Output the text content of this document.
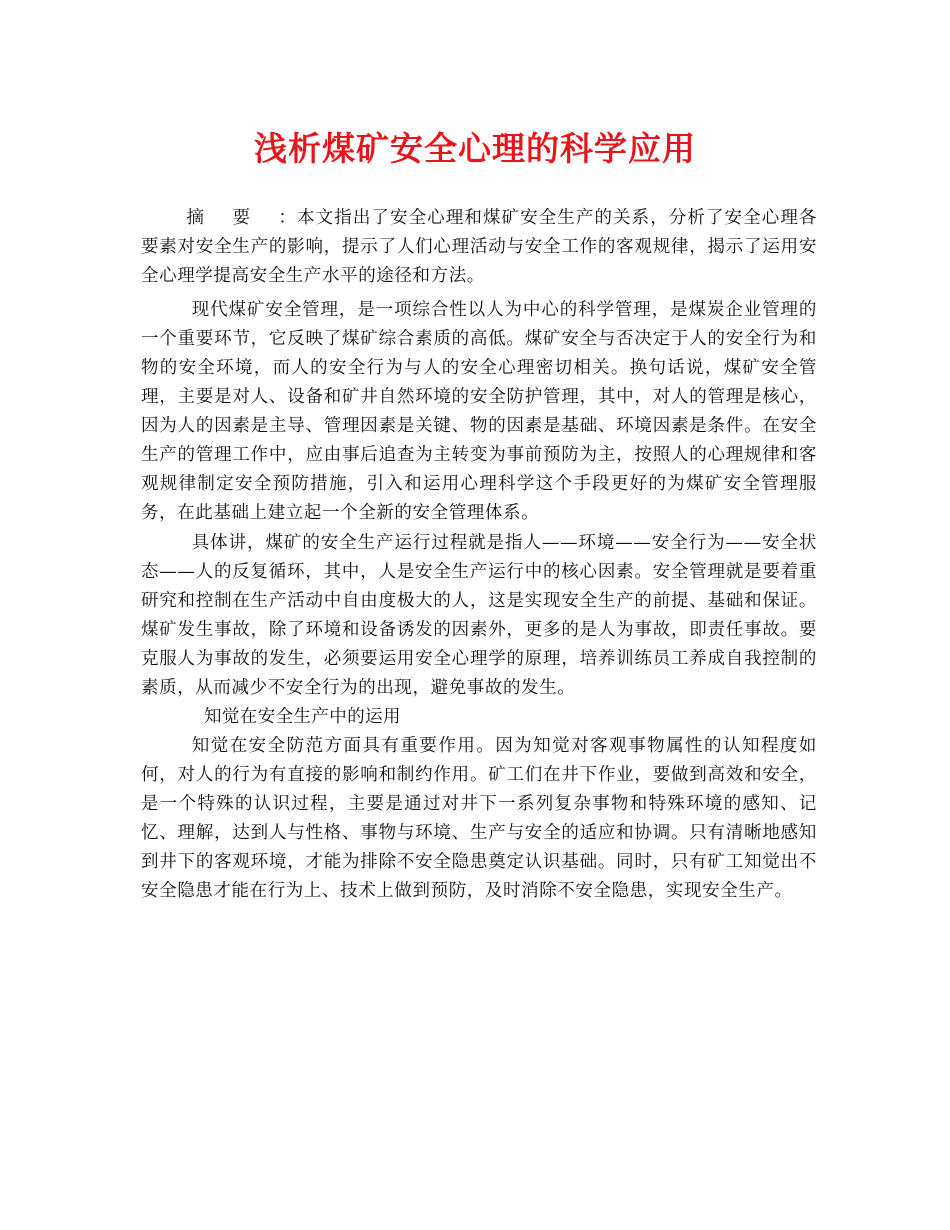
浅析煤矿安全心理的科学应用

摘要：本文指出了安全心理和煤矿安全生产的关系，分析了安全心理各要素对安全生产的影响，提示了人们心理活动与安全工作的客观规律，揭示了运用安全心理学提高安全生产水平的途径和方法。

现代煤矿安全管理，是一项综合性以人为中心的科学管理，是煤炭企业管理的一个重要环节，它反映了煤矿综合素质的高低。煤矿安全与否决定于人的安全行为和物的安全环境，而人的安全行为与人的安全心理密切相关。换句话说，煤矿安全管理，主要是对人、设备和矿井自然环境的安全防护管理，其中，对人的管理是核心，因为人的因素是主导、管理因素是关键、物的因素是基础、环境因素是条件。在安全生产的管理工作中，应由事后追查为主转变为事前预防为主，按照人的心理规律和客观规律制定安全预防措施，引入和运用心理科学这个手段更好的为煤矿安全管理服务，在此基础上建立起一个全新的安全管理体系。

具体讲，煤矿的安全生产运行过程就是指人——环境——安全行为——安全状态——人的反复循环，其中，人是安全生产运行中的核心因素。安全管理就是要着重研究和控制在生产活动中自由度极大的人，这是实现安全生产的前提、基础和保证。煤矿发生事故，除了环境和设备诱发的因素外，更多的是人为事故，即责任事故。要克服人为事故的发生，必须要运用安全心理学的原理，培养训练员工养成自我控制的素质，从而减少不安全行为的出现，避免事故的发生。

知觉在安全生产中的运用

知觉在安全防范方面具有重要作用。因为知觉对客观事物属性的认知程度如何，对人的行为有直接的影响和制约作用。矿工们在井下作业，要做到高效和安全，是一个特殊的认识过程，主要是通过对井下一系列复杂事物和特殊环境的感知、记忆、理解，达到人与性格、事物与环境、生产与安全的适应和协调。只有清晰地感知到井下的客观环境，才能为排除不安全隐患奠定认识基础。同时，只有矿工知觉出不安全隐患才能在行为上、技术上做到预防，及时消除不安全隐患，实现安全生产。
